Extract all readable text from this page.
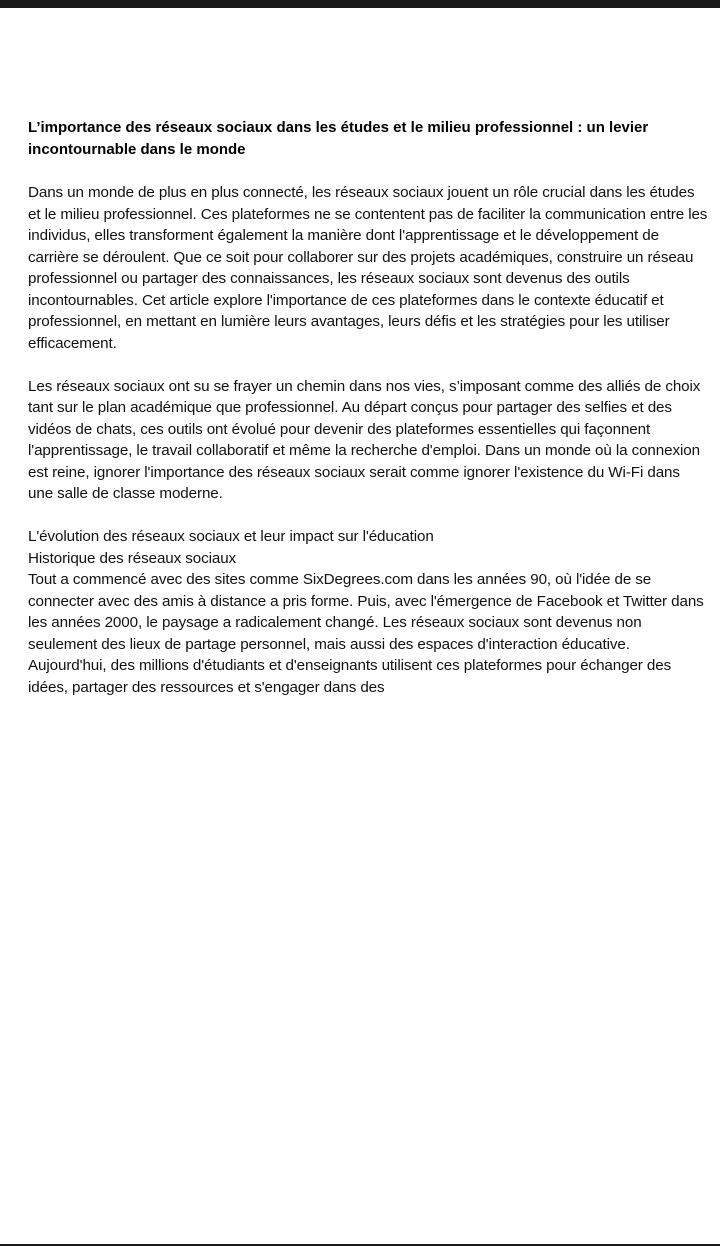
L’importance des réseaux sociaux dans les études et le milieu professionnel : un levier incontournable dans le monde

Dans un monde de plus en plus connecté, les réseaux sociaux jouent un rôle crucial dans les études et le milieu professionnel. Ces plateformes ne se contentent pas de faciliter la communication entre les individus, elles transforment également la manière dont l'apprentissage et le développement de carrière se déroulent. Que ce soit pour collaborer sur des projets académiques, construire un réseau professionnel ou partager des connaissances, les réseaux sociaux sont devenus des outils incontournables. Cet article explore l'importance de ces plateformes dans le contexte éducatif et professionnel, en mettant en lumière leurs avantages, leurs défis et les stratégies pour les utiliser efficacement.

Les réseaux sociaux ont su se frayer un chemin dans nos vies, s’imposant comme des alliés de choix tant sur le plan académique que professionnel. Au départ conçus pour partager des selfies et des vidéos de chats, ces outils ont évolué pour devenir des plateformes essentielles qui façonnent l'apprentissage, le travail collaboratif et même la recherche d'emploi. Dans un monde où la connexion est reine, ignorer l'importance des réseaux sociaux serait comme ignorer l'existence du Wi-Fi dans une salle de classe moderne.

L'évolution des réseaux sociaux et leur impact sur l'éducation

Historique des réseaux sociaux

Tout a commencé avec des sites comme SixDegrees.com dans les années 90, où l'idée de se connecter avec des amis à distance a pris forme. Puis, avec l'émergence de Facebook et Twitter dans les années 2000, le paysage a radicalement changé. Les réseaux sociaux sont devenus non seulement des lieux de partage personnel, mais aussi des espaces d'interaction éducative. Aujourd'hui, des millions d'étudiants et d'enseignants utilisent ces plateformes pour échanger des idées, partager des ressources et s'engager dans des
